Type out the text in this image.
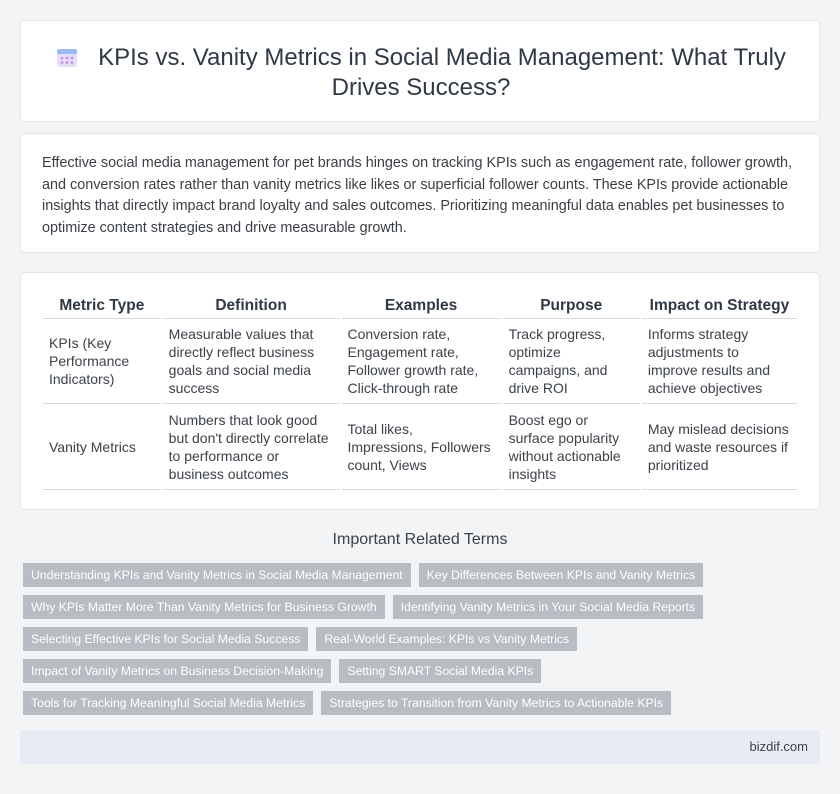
KPIs vs. Vanity Metrics in Social Media Management: What Truly Drives Success?

Effective social media management for pet brands hinges on tracking KPIs such as engagement rate, follower growth, and conversion rates rather than vanity metrics like likes or superficial follower counts. These KPIs provide actionable insights that directly impact brand loyalty and sales outcomes. Prioritizing meaningful data enables pet businesses to optimize content strategies and drive measurable growth.

Metric Type	Definition	Examples	Purpose	Impact on Strategy
KPIs (Key Performance Indicators)	Measurable values that directly reflect business goals and social media success	Conversion rate, Engagement rate, Follower growth rate, Click-through rate	Track progress, optimize campaigns, and drive ROI	Informs strategy adjustments to improve results and achieve objectives
Vanity Metrics	Numbers that look good but don't directly correlate to performance or business outcomes	Total likes, Impressions, Followers count, Views	Boost ego or surface popularity without actionable insights	May mislead decisions and waste resources if prioritized
Important Related Terms
Understanding KPIs and Vanity Metrics in Social Media Management	Key Differences Between KPIs and Vanity Metrics
Why KPIs Matter More Than Vanity Metrics for Business Growth	Identifying Vanity Metrics in Your Social Media Reports
Selecting Effective KPIs for Social Media Success	Real-World Examples: KPIs vs Vanity Metrics
Impact of Vanity Metrics on Business Decision-Making	Setting SMART Social Media KPIs
Tools for Tracking Meaningful Social Media Metrics	Strategies to Transition from Vanity Metrics to Actionable KPIs
bizdif.com
